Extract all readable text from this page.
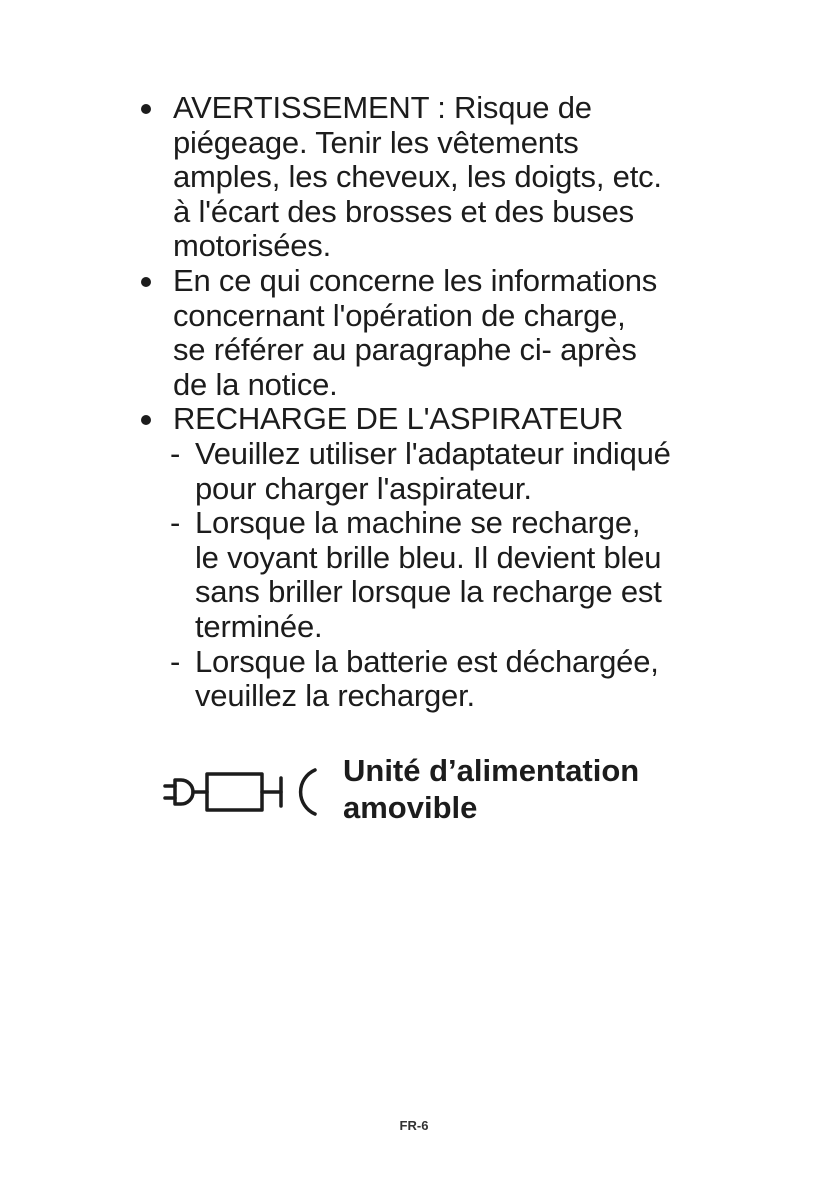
AVERTISSEMENT : Risque de
piégeage. Tenir les vêtements
amples, les cheveux, les doigts, etc.
à l'écart des brosses et des buses
motorisées.
En ce qui concerne les informations
concernant l'opération de charge,
se référer au paragraphe ci- après
de la notice.
RECHARGE DE L'ASPIRATEUR
- Veuillez utiliser l'adaptateur indiqué
pour charger l'aspirateur.
- Lorsque la machine se recharge,
le voyant brille bleu. Il devient bleu
sans briller lorsque la recharge est
terminée.
- Lorsque la batterie est déchargée,
veuillez la recharger.
Unité d’alimentation
amovible
FR-6
